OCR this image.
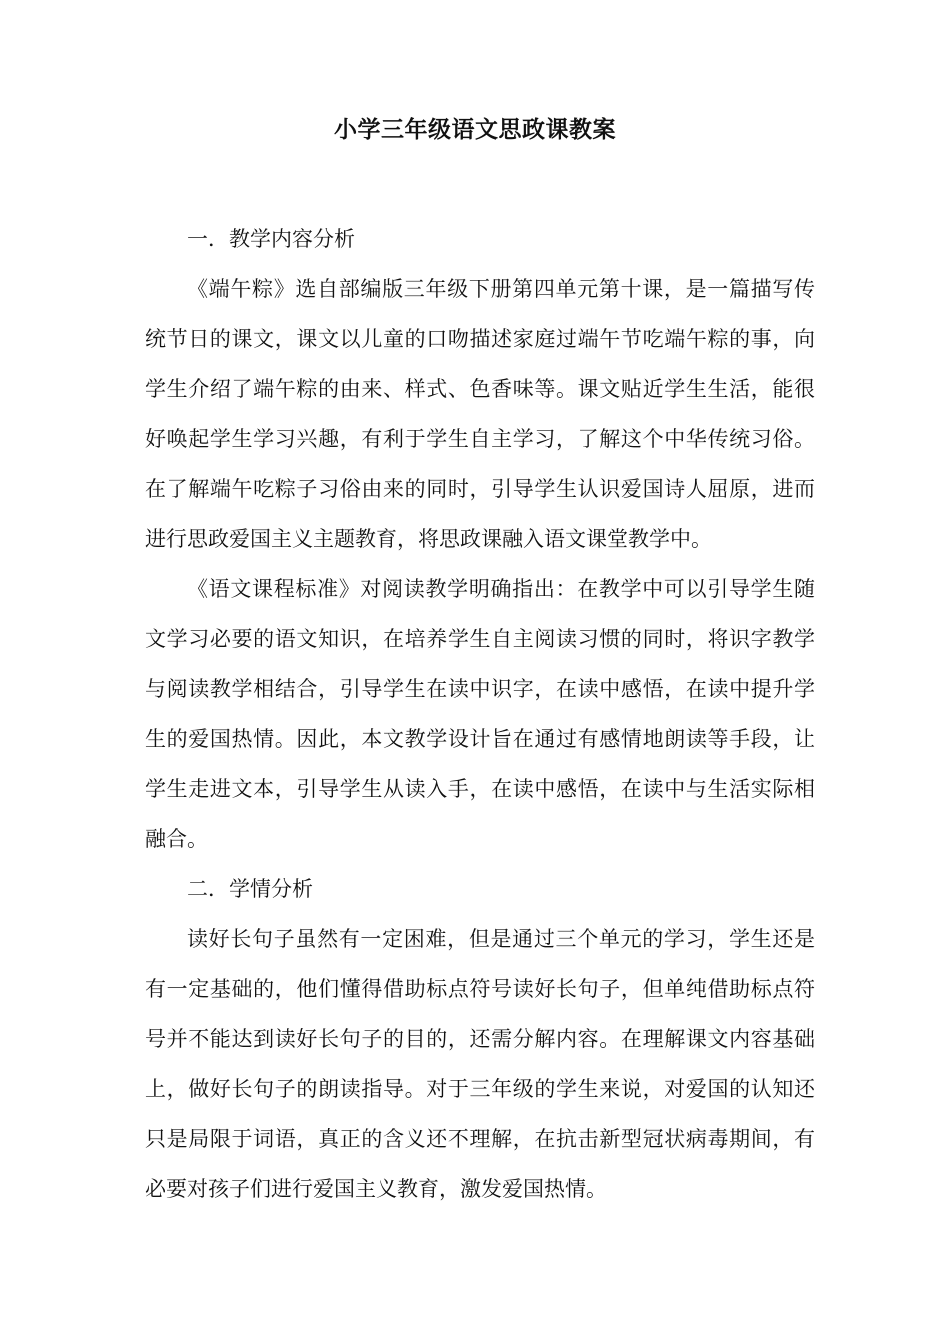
小学三年级语文思政课教案

一．教学内容分析

《端午粽》选自部编版三年级下册第四单元第十课，是一篇描写传统节日的课文，课文以儿童的口吻描述家庭过端午节吃端午粽的事，向学生介绍了端午粽的由来、样式、色香味等。课文贴近学生生活，能很好唤起学生学习兴趣，有利于学生自主学习，了解这个中华传统习俗。在了解端午吃粽子习俗由来的同时，引导学生认识爱国诗人屈原，进而进行思政爱国主义主题教育，将思政课融入语文课堂教学中。

《语文课程标准》对阅读教学明确指出：在教学中可以引导学生随文学习必要的语文知识，在培养学生自主阅读习惯的同时，将识字教学与阅读教学相结合，引导学生在读中识字，在读中感悟，在读中提升学生的爱国热情。因此，本文教学设计旨在通过有感情地朗读等手段，让学生走进文本，引导学生从读入手，在读中感悟，在读中与生活实际相融合。

二．学情分析

读好长句子虽然有一定困难，但是通过三个单元的学习，学生还是有一定基础的，他们懂得借助标点符号读好长句子，但单纯借助标点符号并不能达到读好长句子的目的，还需分解内容。在理解课文内容基础上，做好长句子的朗读指导。对于三年级的学生来说，对爱国的认知还只是局限于词语，真正的含义还不理解，在抗击新型冠状病毒期间，有必要对孩子们进行爱国主义教育，激发爱国热情。
